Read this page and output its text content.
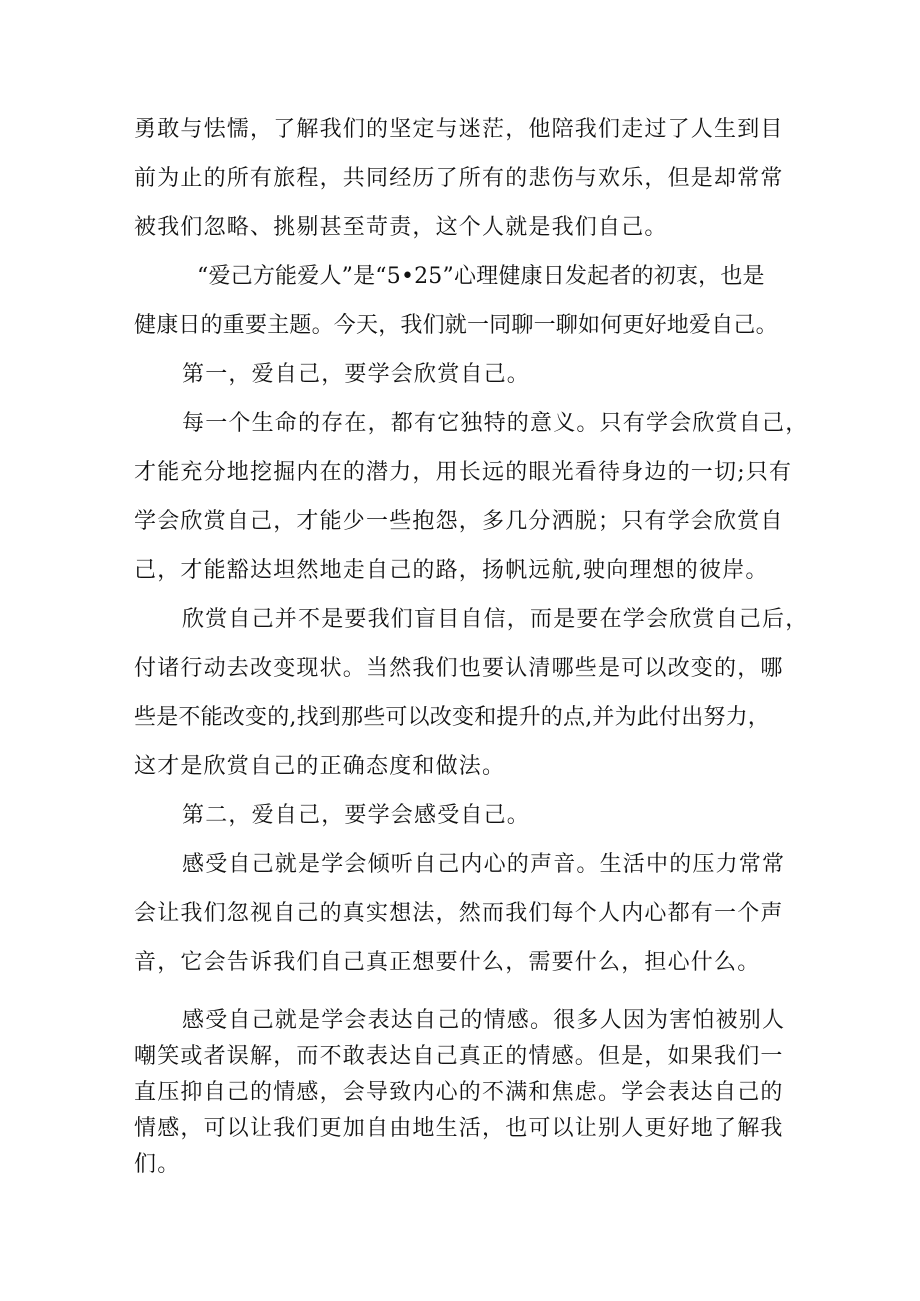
勇敢与怯懦，了解我们的坚定与迷茫，他陪我们走过了人生到目
前为止的所有旅程，共同经历了所有的悲伤与欢乐，但是却常常
被我们忽略、挑剔甚至苛责，这个人就是我们自己。
“爱己方能爱人”是“5•25”心理健康日发起者的初衷，也是
健康日的重要主题。今天，我们就一同聊一聊如何更好地爱自己。
第一，爱自己，要学会欣赏自己。
每一个生命的存在，都有它独特的意义。只有学会欣赏自己，
才能充分地挖掘内在的潜力，用长远的眼光看待身边的一切;只有
学会欣赏自己，才能少一些抱怨，多几分洒脱；只有学会欣赏自
己，才能豁达坦然地走自己的路，扬帆远航,驶向理想的彼岸。
欣赏自己并不是要我们盲目自信，而是要在学会欣赏自己后，
付诸行动去改变现状。当然我们也要认清哪些是可以改变的，哪
些是不能改变的,找到那些可以改变和提升的点,并为此付出努力，
这才是欣赏自己的正确态度和做法。
第二，爱自己，要学会感受自己。
感受自己就是学会倾听自己内心的声音。生活中的压力常常
会让我们忽视自己的真实想法，然而我们每个人内心都有一个声
音，它会告诉我们自己真正想要什么，需要什么，担心什么。
感受自己就是学会表达自己的情感。很多人因为害怕被别人
嘲笑或者误解，而不敢表达自己真正的情感。但是，如果我们一
直压抑自己的情感，会导致内心的不满和焦虑。学会表达自己的
情感，可以让我们更加自由地生活，也可以让别人更好地了解我
们。
